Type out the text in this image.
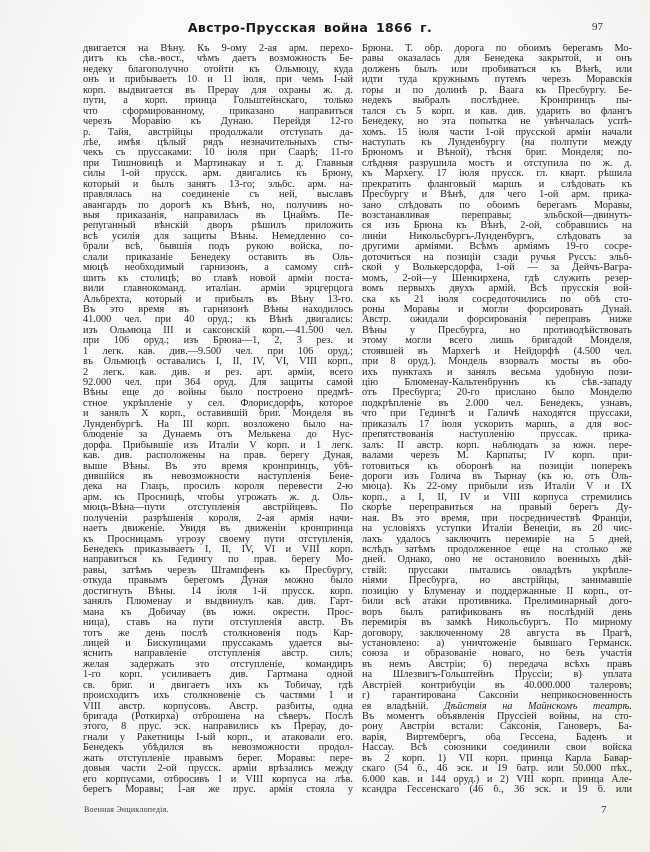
Австро-Прусская война 1866 г.	97
двигается на Вѣну. Къ 9-ому 2-ая арм. перехо-
дитъ къ сѣв.-вост., чѣмъ даетъ возможность Бе-
недеку благополучно отойти къ Ольмюцу, куда
онъ и прибываетъ 10 и 11 іюля, при чемъ I-ый
корп. выдвигается въ Прерау для охраны ж. д.
пути, а корп. принца Гольштейнскаго, только
что сформированному, приказано направиться
черезъ Моравію къ Дунаю. Перейдя 12-го
р. Тайя, австрійцы продолжали отступать да-
лѣе, имѣя цѣлый рядъ незначительныхъ сты-
чекъ съ пруссаками: 10 іюля при Саарѣ; 11-го
при Тишновицѣ и Мартинакау и т. д. Главныя
силы 1-ой прусск. арм. двигались къ Брюну,
который и былъ занятъ 13-го; эльбс. арм. на-
правлялась на соединеніе съ ней, выславъ
авангардъ по дорогѣ къ Вѣнѣ, но, получивъ но-
выя приказанія, направилась въ Цнаймъ. Пе-
репуганный вѣнскій дворъ рѣшилъ приложить
всѣ усилія для защиты Вѣны. Немедленно со-
брали всѣ, бывшія подъ рукою войска, по-
слали приказаніе Бенедеку оставить въ Оль-
мюцѣ необходимый гарнизонъ, а самому спѣ-
шить къ столицѣ; во главѣ новой арміи поста-
вили главнокоманд. италіан. арміи эрцгерцога
Альбрехта, который и прибылъ въ Вѣну 13-го.
Въ это время въ гарнизонѣ Вѣны находилось
41.000 чел. при 40 оруд.; къ Вѣнѣ двигались:
изъ Ольмюца III и саксонскій корп.—41.500 чел.
при 106 оруд.; изъ Брюна—1, 2, 3 рез. и
1 легк. кав. див.—9.500 чел. при 106 оруд.;
въ Ольмюцѣ оставались I, II, IV, VI, VIII корп.,
2 легк. кав. див. и рез. арт. арміи, всего
92.000 чел. при 364 оруд. Для защиты самой
Вѣны еще до войны было построено предмѣ-
стное укрѣпленіе у сел. Флорисдорфъ, которое
и занялъ X корп., оставившій бриг. Монделя въ
Лунденбургѣ. На III корп. возложено было на-
блюденіе за Дунаемъ отъ Мелькена до Нус-
дорфа. Прибывшіе изъ Италіи V корп. и 1 легк.
кав. див. расположены на прав. берегу Дуная,
выше Вѣны. Въ это время кронпринцъ, убѣ-
дившійся въ невозможности наступленія Бене-
дека на Глацъ, просилъ короля перевести 2-ю
арм. къ Просницѣ, чтобы угрожать ж. д. Оль-
мюцъ-Вѣна—пути отступленія австрійцевъ. По
полученіи разрѣшенія короля, 2-ая армія начи-
наетъ движеніе. Увидя въ движеніи кронпринца
къ Просницамъ угрозу своему пути отступленія,
Бенедекъ приказываетъ I, II, IV, VI и VIII корп.
направиться къ Гедингу по прав. берегу Мо-
равы, затѣмъ черезъ Штампфенъ къ Пресбургу,
откуда правымъ берегомъ Дуная можно было
достигнуть Вѣны. 14 іюля 1-й прусск. корп.
занялъ Плюменау и выдвинулъ кав. див. Гарт-
мана къ Добичау (въ южн. окрестн. Прос-
ница), ставъ на пути отступленія австр. Въ
тотъ же день послѣ столкновенія подъ Кар-
лицей и Бискупицами пруссакамъ удается вы-
яснить направленіе отступленія австр. силъ;
желая задержать это отступленіе, командиръ
1-го корп. усиливаетъ див. Гартмана одной
св. бриг. и двигаетъ ихъ къ Тобичау, гдѣ
происходитъ ихъ столкновеніе съ частями I и
VIII австр. корпусовъ. Австр. разбиты, одна
бригада (Роткирха) отброшена на сѣверъ. Послѣ
этого, 8 прус. эск. направились къ Прерау, до-
гнали у Ракетницы I-ый корп., и атаковали его.
Бенедекъ убѣдился въ невозможности продол-
жать отступленіе правымъ берег. Моравы: пере-
довыя части 2-ой прусск. арміи врѣзались между
его корпусами, отбросивъ I и VIII корпуса на лѣв.
берегъ Моравы; 1-ая же прус. армія стояла у
Брюна. Т. обр. дорога по обоимъ берегамъ Мо-
равы оказалась для Бенедека закрытой, и онъ
долженъ былъ или пробиваться къ Вѣнѣ, или
идти туда кружнымъ путемъ черезъ Моравскія
горы и по долинѣ р. Ваага къ Пресбургу. Бе-
недекъ выбралъ послѣднее. Кронпринцъ пы-
тался съ 5 корп. и кав. див. ударить во флангъ
Бенедеку, но эта попытка не увѣнчалась успѣ-
хомъ. 15 іюля части 1-ой прусской арміи начали
наступать къ Лунденбургу (на полпути между
Брюномъ и Вѣной), тѣсня бриг. Монделя; по-
слѣдняя разрушила мостъ и отступила по ж. д.
къ Мархегу. 17 іюля прусск. гл. кварт. рѣшила
прекратить фланговый маршъ и слѣдовать къ
Пресбургу и Вѣнѣ, для чего 1-ой арм. прика-
зано слѣдовать по обоимъ берегамъ Моравы,
возстанавливая переправы; эльбской—двинуть-
ся изъ Брюна къ Вѣнѣ, 2-ой, собравшись на
линіи Никольсбургъ-Лунденбургъ, слѣдовать за
другими арміями. Всѣмъ арміямъ 19-го сосре-
доточиться на позиціи сзади ручья Руссъ: эльб-
ской у Волькерсдорфа, 1-ой — за Дейчъ-Вагра-
момъ, 2-ой—у Шенкирхена, гдѣ служить резер-
вомъ первыхъ двухъ армій. Всѣ прусскія вой-
ска къ 21 іюля сосредоточились по обѣ сто-
роны Моравы и могли форсировать Дунай.
Австр. ожидали форсированія переправъ ниже
Вѣны у Пресбурга, но противодѣйствовать
этому могли всего лишь бригадой Монделя,
стоявшей въ Мархегѣ и Нейдорфѣ (4.500 чел.
при 8 оруд.). Мондель взорвалъ мосты въ обо-
ихъ пунктахъ и занялъ весьма удобную пози-
цію Блюменау-Кальтенбруннъ къ сѣв.-западу
отъ Пресбурга; 20-го прислано было Монделю
подкрѣпленіе въ 2.000 чел. Бенедекъ, узнавъ,
что при Гедингѣ и Галичѣ находятся пруссаки,
приказалъ 17 іюля ускорить маршъ, а для вос-
препятствованія наступленію пруссак. прика-
залъ: II австр. корп. наблюдать за южн. пере-
валами черезъ М. Карпаты; IV корп. при-
готовиться къ оборонѣ на позиціи поперекъ
дороги изъ Голича въ Тырнау (къ ю. отъ Оль-
мюца). Къ 22-ому прибыли изъ Италіи V и IX
корп., а I, II, IV и VIII корпуса стремились
скорѣе переправиться на правый берегъ Ду-
ная. Въ это время, при посредничествѣ Франціи,
на условіяхъ уступки Италіи Венеціи, въ 20 чис-
лахъ удалось заключить перемиріе на 5 дней,
вслѣдъ затѣмъ продолженное еще на столько же
дней. Однако, оно не остановило военныхъ дѣй-
ствій: пруссаки пытались овладѣть укрѣпле-
ніями Пресбурга, но австрійцы, занимавшіе
позицію у Блуменау и поддержанные II корп., от-
били всѣ атаки противника. Прелиминарный дого-
воръ былъ ратификованъ въ послѣдній день
перемирія въ замкѣ Никольсбургъ. По мирному
договору, заключенному 28 августа въ Прагѣ,
установлено: а) уничтоженіе бывшаго Германск.
союза и образованіе новаго, но безъ участія
въ немъ Австріи; б) передача всѣхъ правъ
на Шлезвигъ-Гольштейнъ Пруссіи; в) уплата
Австріей контрибуціи въ 40.000.000 талеровъ;
г) гарантирована Саксоніи неприкосновенность
ея владѣній. Дѣйствія на Майнскомъ театрѣ.
Въ моментъ объявленія Пруссіей войны, на сто-
рону Австріи встали: Саксонія, Гановеръ, Ба-
варія, Виртембергъ, оба Гессена, Баденъ и
Нассау. Всѣ союзники соединили свои войска
въ 2 корп. 1) VII корп. принца Карла Бавар-
скаго (54 б., 46 эск. и 19 батр. или 50.000 пѣх.,
6.000 кав. и 144 оруд.) и 2) VIII корп. принца Але-
ксандра Гессенскаго (46 б., 36 эск. и 19 б. или
Военная Энциклопедія.	7
